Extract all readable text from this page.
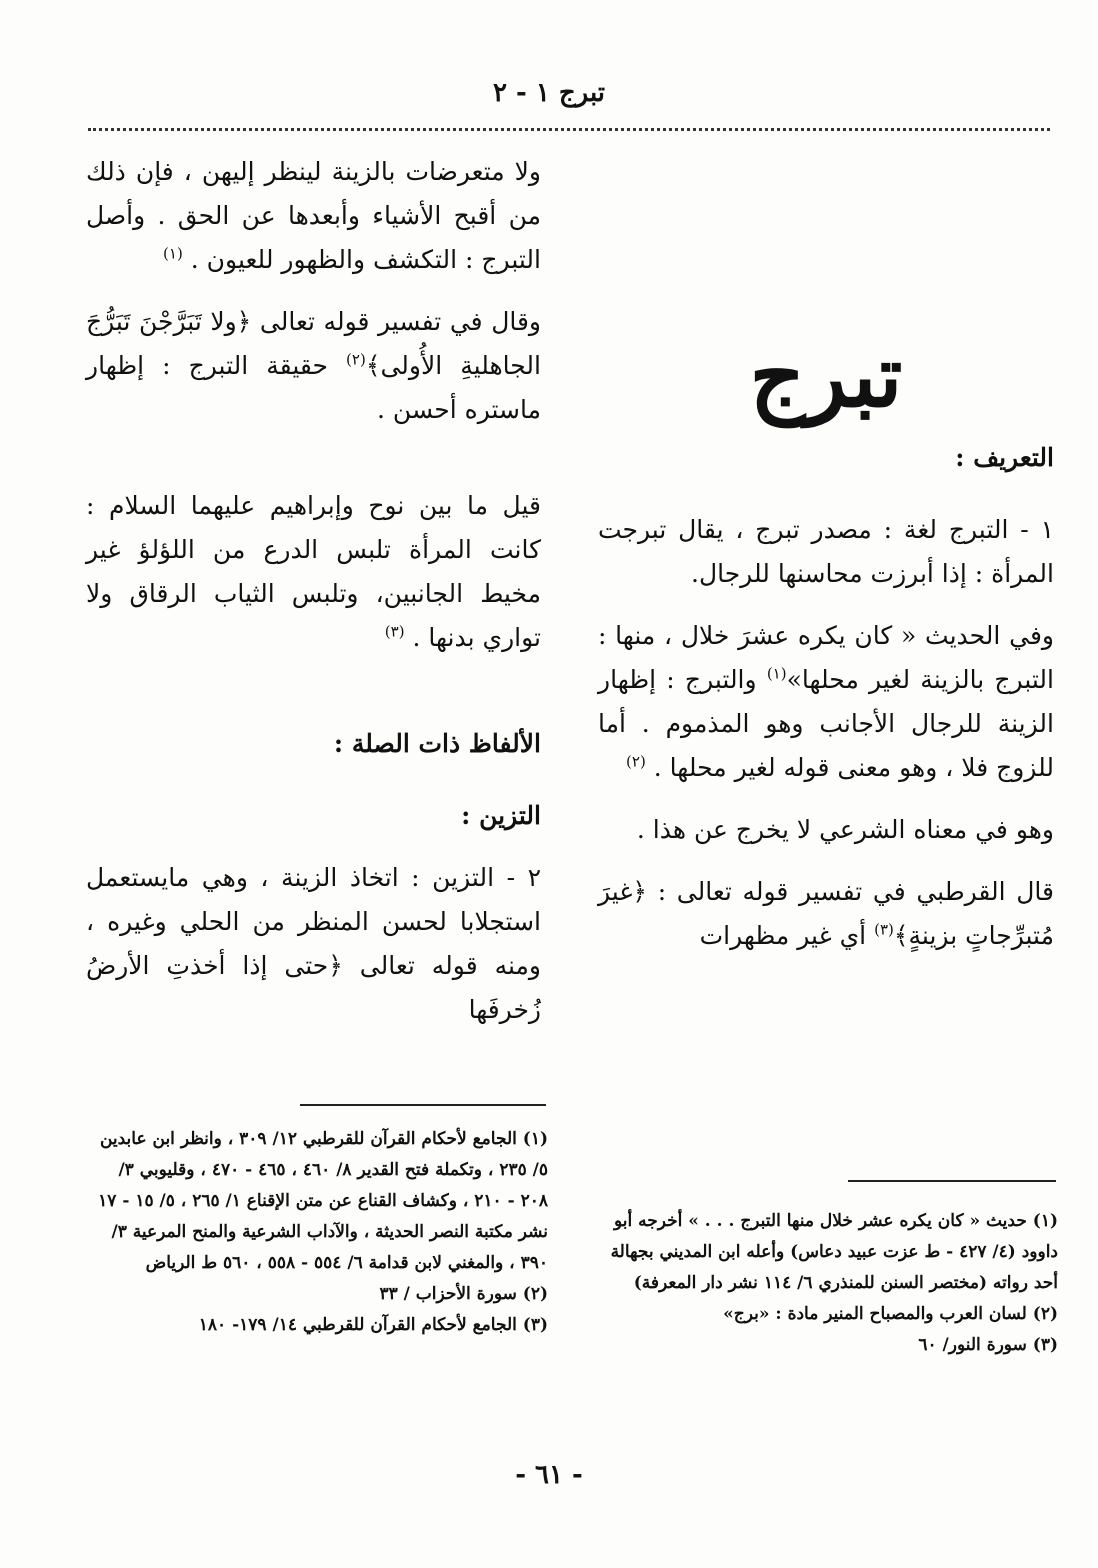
تبرج ١ - ٢
تبرج

التعريف :

١ - التبرج لغة : مصدر تبرج ، يقال تبرجت المرأة : إذا أبرزت محاسنها للرجال.

وفي الحديث « كان يكره عشرَ خلال ، منها : التبرج بالزينة لغير محلها»$^{(١)}$ والتبرج : إظهار الزينة للرجال الأجانب وهو المذموم . أما للزوج فلا ، وهو معنى قوله لغير محلها . $^{(٢)}$

وهو في معناه الشرعي لا يخرج عن هذا .

قال القرطبي في تفسير قوله تعالى : ﴿غيرَ مُتبرِّجاتٍ بزينةٍ﴾$^{(٣)}$ أي غير مظهرات

ولا متعرضات بالزينة لينظر إليهن ، فإن ذلك من أقبح الأشياء وأبعدها عن الحق . وأصل التبرج : التكشف والظهور للعيون . $^{(١)}$

وقال في تفسير قوله تعالى ﴿ولا تَبَرَّجْنَ تَبَرُّجَ الجاهليةِ الأُولى﴾$^{(٢)}$ حقيقة التبرج : إظهار ماستره أحسن .

قيل ما بين نوح وإبراهيم عليهما السلام : كانت المرأة تلبس الدرع من اللؤلؤ غير مخيط الجانبين، وتلبس الثياب الرقاق ولا تواري بدنها . $^{(٣)}$

الألفاظ ذات الصلة :

التزين :

٢ - التزين : اتخاذ الزينة ، وهي مايستعمل استجلابا لحسن المنظر من الحلي وغيره ، ومنه قوله تعالى ﴿حتى إذا أخذتِ الأرضُ زُخرفَها

(١) الجامع لأحكام القرآن للقرطبي ١٢/ ٣٠٩ ، وانظر ابن عابدين ٥/ ٢٣٥ ، وتكملة فتح القدير ٨/ ٤٦٠ ، ٤٦٥ - ٤٧٠ ، وقليوبي ٣/ ٢٠٨ - ٢١٠ ، وكشاف القناع عن متن الإقناع ١/ ٢٦٥ ، ٥/ ١٥ - ١٧ نشر مكتبة النصر الحديثة ، والآداب الشرعية والمنح المرعية ٣/ ٣٩٠ ، والمغني لابن قدامة ٦/ ٥٥٤ - ٥٥٨ ، ٥٦٠ ط الرياض

(٢) سورة الأحزاب / ٣٣

(٣) الجامع لأحكام القرآن للقرطبي ١٤/ ١٧٩- ١٨٠

(١) حديث « كان يكره عشر خلال منها التبرج . . . » أخرجه أبو داوود (٤/ ٤٢٧ - ط عزت عبيد دعاس) وأعله ابن المديني بجهالة أحد رواته (مختصر السنن للمنذري ٦/ ١١٤ نشر دار المعرفة)

(٢) لسان العرب والمصباح المنير مادة : «برج»

(٣) سورة النور/ ٦٠

- ٦١ -
